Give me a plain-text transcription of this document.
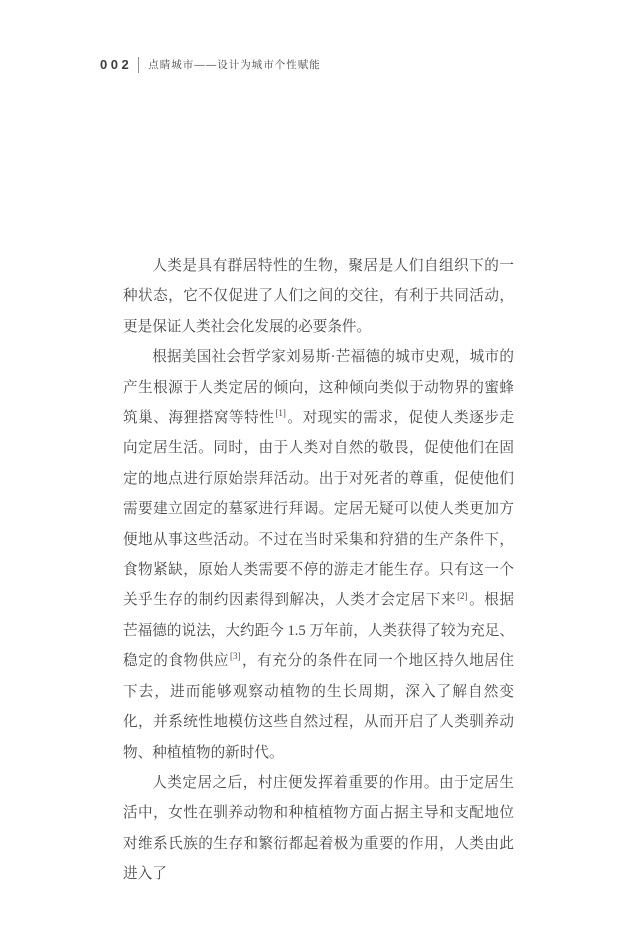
002 点睛城市——设计为城市个性赋能

人类是具有群居特性的生物，聚居是人们自组织下的一种状态，它不仅促进了人们之间的交往，有利于共同活动，更是保证人类社会化发展的必要条件。

根据美国社会哲学家刘易斯·芒福德的城市史观，城市的产生根源于人类定居的倾向，这种倾向类似于动物界的蜜蜂筑巢、海狸搭窝等特性[1]。对现实的需求，促使人类逐步走向定居生活。同时，由于人类对自然的敬畏，促使他们在固定的地点进行原始崇拜活动。出于对死者的尊重，促使他们需要建立固定的墓冢进行拜谒。定居无疑可以使人类更加方便地从事这些活动。不过在当时采集和狩猎的生产条件下，食物紧缺，原始人类需要不停的游走才能生存。只有这一个关乎生存的制约因素得到解决，人类才会定居下来[2]。根据芒福德的说法，大约距今 1.5 万年前，人类获得了较为充足、稳定的食物供应[3]，有充分的条件在同一个地区持久地居住下去，进而能够观察动植物的生长周期，深入了解自然变化，并系统性地模仿这些自然过程，从而开启了人类驯养动物、种植植物的新时代。

人类定居之后，村庄便发挥着重要的作用。由于定居生活中，女性在驯养动物和种植植物方面占据主导和支配地位对维系氏族的生存和繁衍都起着极为重要的作用，人类由此进入了
